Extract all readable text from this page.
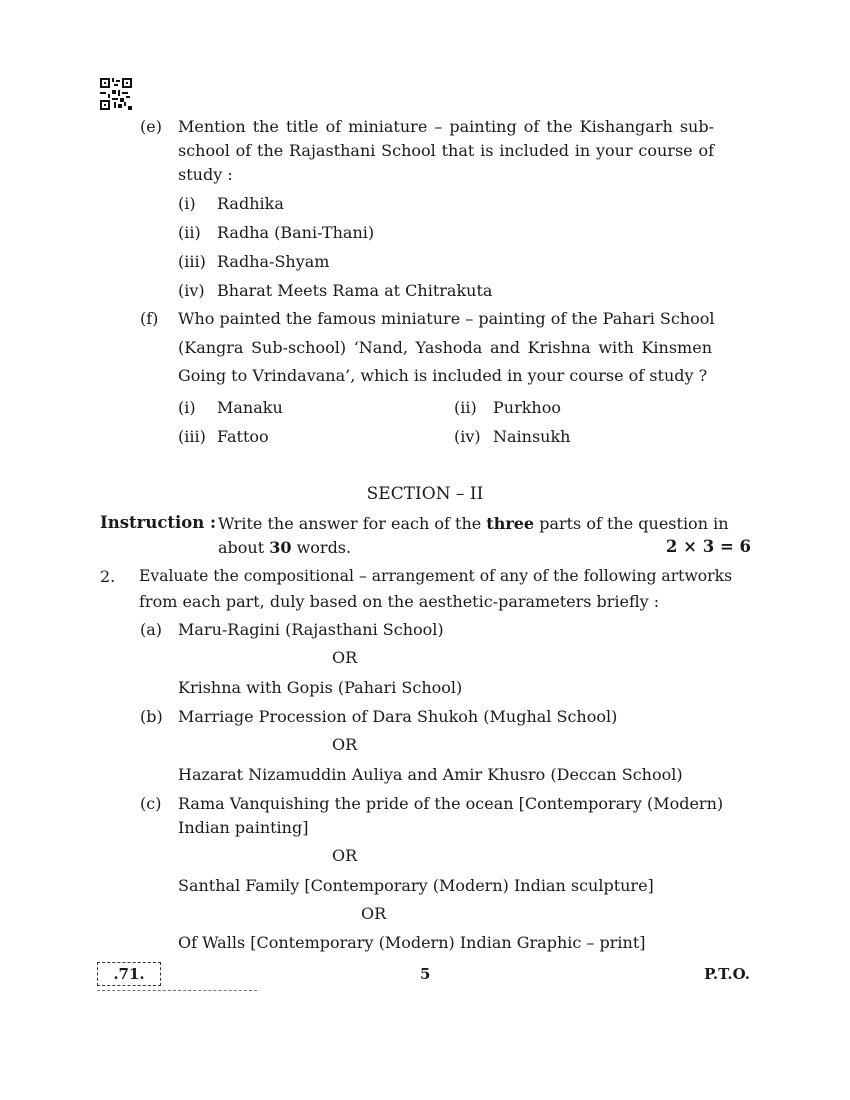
(e) Mention the title of miniature – painting of the Kishangarh sub-
school of the Rajasthani School that is included in your course of
study :
(i) Radhika
(ii) Radha (Bani-Thani)
(iii) Radha-Shyam
(iv) Bharat Meets Rama at Chitrakuta
(f) Who painted the famous miniature – painting of the Pahari School
(Kangra Sub-school) ‘Nand, Yashoda and Krishna with Kinsmen
Going to Vrindavana’, which is included in your course of study ?
(i) Manaku	(ii) Purkhoo
(iii) Fattoo	(iv) Nainsukh
SECTION – II
Instruction : Write the answer for each of the three parts of the question in
about 30 words.	2 × 3 = 6
2. Evaluate the compositional – arrangement of any of the following artworks
from each part, duly based on the aesthetic-parameters briefly :
(a) Maru-Ragini (Rajasthani School)
OR
Krishna with Gopis (Pahari School)
(b) Marriage Procession of Dara Shukoh (Mughal School)
OR
Hazarat Nizamuddin Auliya and Amir Khusro (Deccan School)
(c) Rama Vanquishing the pride of the ocean [Contemporary (Modern)
Indian painting]
OR
Santhal Family [Contemporary (Modern) Indian sculpture]
OR
Of Walls [Contemporary (Modern) Indian Graphic – print]
.71.	5	P.T.O.
